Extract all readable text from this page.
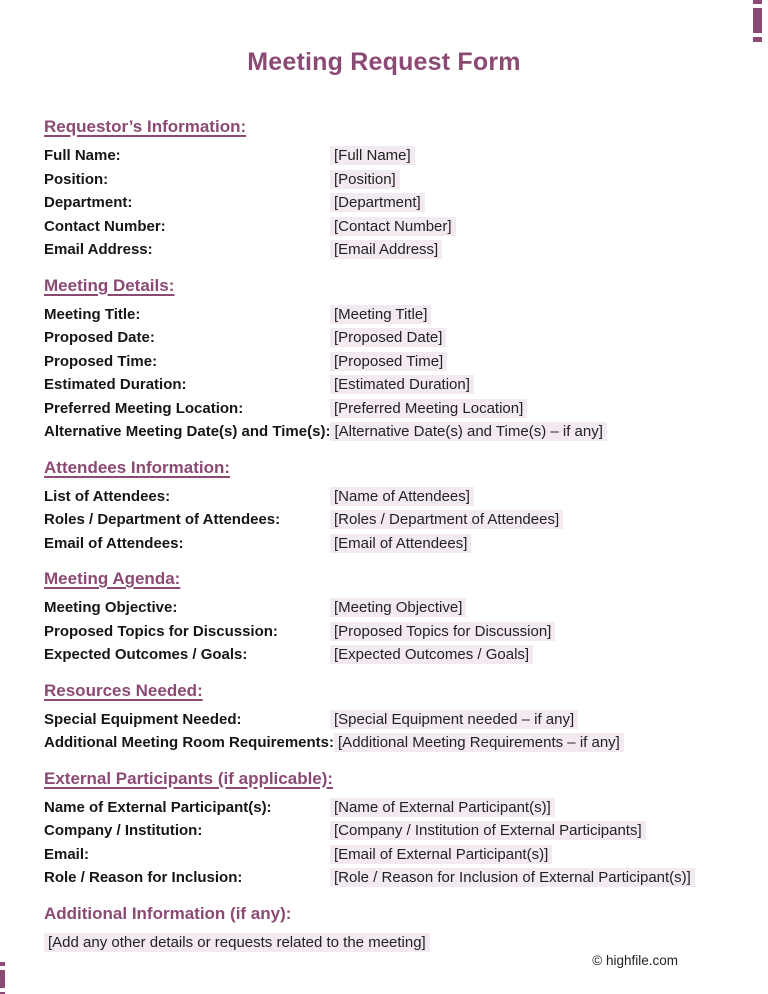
Meeting Request Form
Requestor’s Information:
Full Name:	[Full Name]
Position:	[Position]
Department:	[Department]
Contact Number:	[Contact Number]
Email Address:	[Email Address]
Meeting Details:
Meeting Title:	[Meeting Title]
Proposed Date:	[Proposed Date]
Proposed Time:	[Proposed Time]
Estimated Duration:	[Estimated Duration]
Preferred Meeting Location:	[Preferred Meeting Location]
Alternative Meeting Date(s) and Time(s): [Alternative Date(s) and Time(s) – if any]
Attendees Information:
List of Attendees:	[Name of Attendees]
Roles / Department of Attendees:	[Roles / Department of Attendees]
Email of Attendees:	[Email of Attendees]
Meeting Agenda:
Meeting Objective:	[Meeting Objective]
Proposed Topics for Discussion:	[Proposed Topics for Discussion]
Expected Outcomes / Goals:	[Expected Outcomes / Goals]
Resources Needed:
Special Equipment Needed:	[Special Equipment needed – if any]
Additional Meeting Room Requirements: [Additional Meeting Requirements – if any]
External Participants (if applicable):
Name of External Participant(s):	[Name of External Participant(s)]
Company / Institution:	[Company / Institution of External Participants]
Email:	[Email of External Participant(s)]
Role / Reason for Inclusion:	[Role / Reason for Inclusion of External Participant(s)]
Additional Information (if any):
[Add any other details or requests related to the meeting]
© highfile.com
